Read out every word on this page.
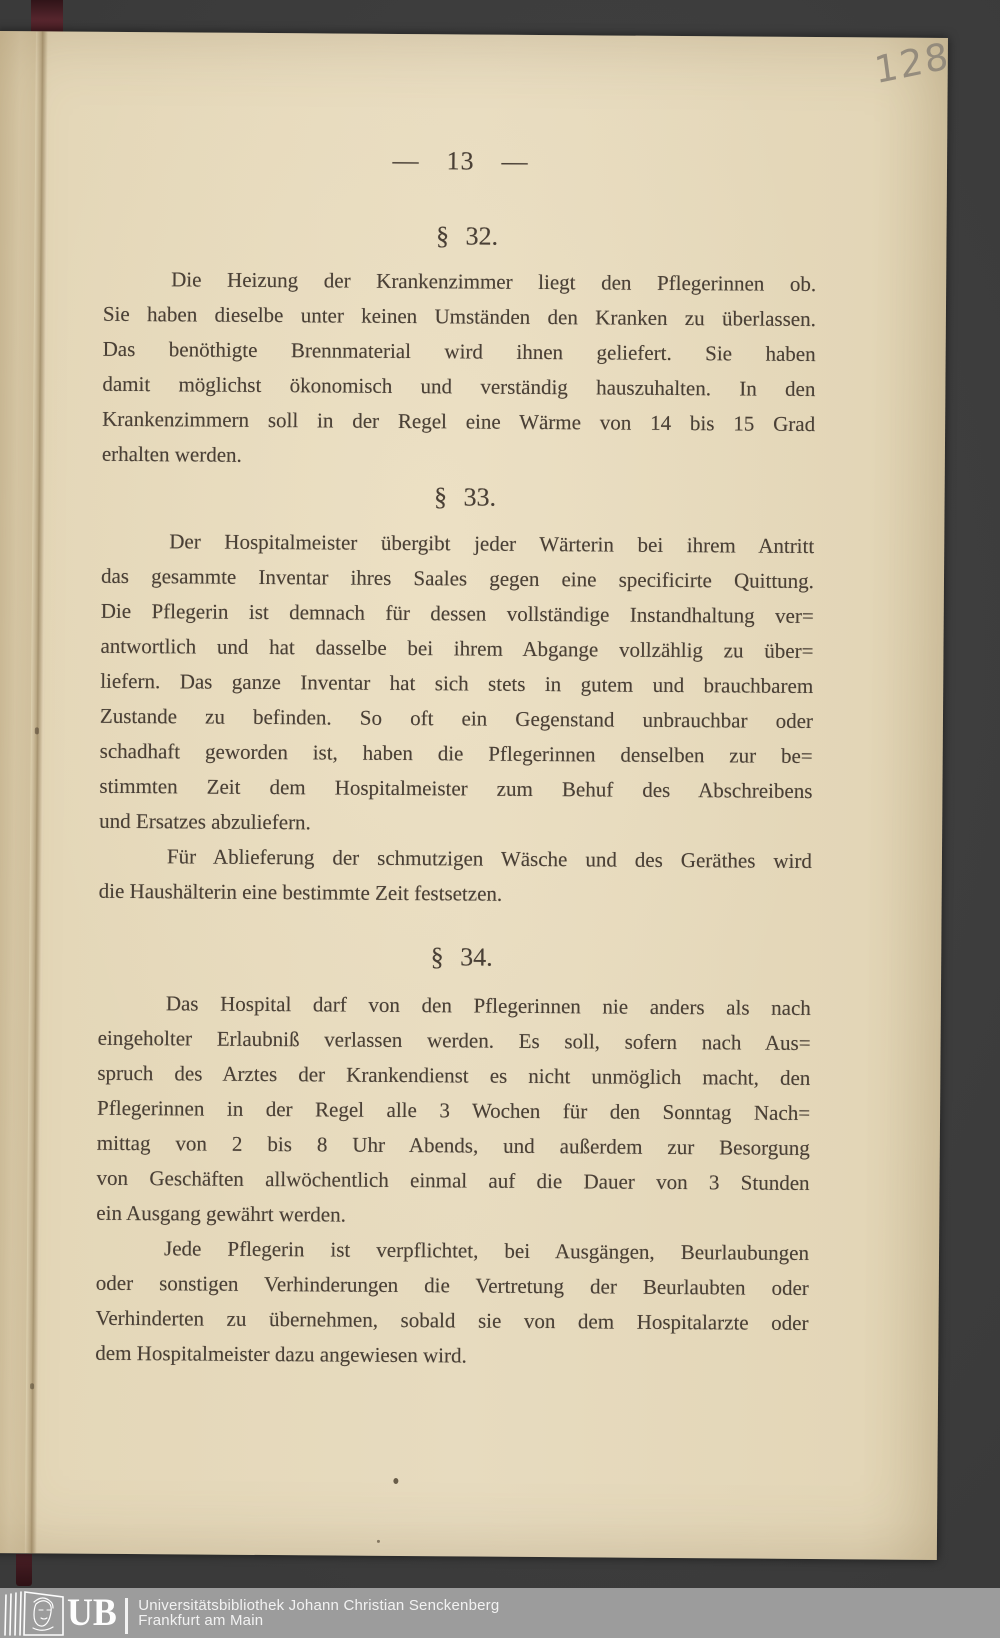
128
— 13 —
§ 32.
Die Heizung der Krankenzimmer liegt den Pflegerinnen ob.
Sie haben dieselbe unter keinen Umständen den Kranken zu überlassen.
Das benöthigte Brennmaterial wird ihnen geliefert. Sie haben
damit möglichst ökonomisch und verständig hauszuhalten. In den
Krankenzimmern soll in der Regel eine Wärme von 14 bis 15 Grad
erhalten werden.
§ 33.
Der Hospitalmeister übergibt jeder Wärterin bei ihrem Antritt
das gesammte Inventar ihres Saales gegen eine specificirte Quittung.
Die Pflegerin ist demnach für dessen vollständige Instandhaltung ver=
antwortlich und hat dasselbe bei ihrem Abgange vollzählig zu über=
liefern. Das ganze Inventar hat sich stets in gutem und brauchbarem
Zustande zu befinden. So oft ein Gegenstand unbrauchbar oder
schadhaft geworden ist, haben die Pflegerinnen denselben zur be=
stimmten Zeit dem Hospitalmeister zum Behuf des Abschreibens
und Ersatzes abzuliefern.
Für Ablieferung der schmutzigen Wäsche und des Geräthes wird
die Haushälterin eine bestimmte Zeit festsetzen.
§ 34.
Das Hospital darf von den Pflegerinnen nie anders als nach
eingeholter Erlaubniß verlassen werden. Es soll, sofern nach Aus=
spruch des Arztes der Krankendienst es nicht unmöglich macht, den
Pflegerinnen in der Regel alle 3 Wochen für den Sonntag Nach=
mittag von 2 bis 8 Uhr Abends, und außerdem zur Besorgung
von Geschäften allwöchentlich einmal auf die Dauer von 3 Stunden
ein Ausgang gewährt werden.
Jede Pflegerin ist verpflichtet, bei Ausgängen, Beurlaubungen
oder sonstigen Verhinderungen die Vertretung der Beurlaubten oder
Verhinderten zu übernehmen, sobald sie von dem Hospitalarzte oder
dem Hospitalmeister dazu angewiesen wird.
UB Universitätsbibliothek Johann Christian Senckenberg
Frankfurt am Main
